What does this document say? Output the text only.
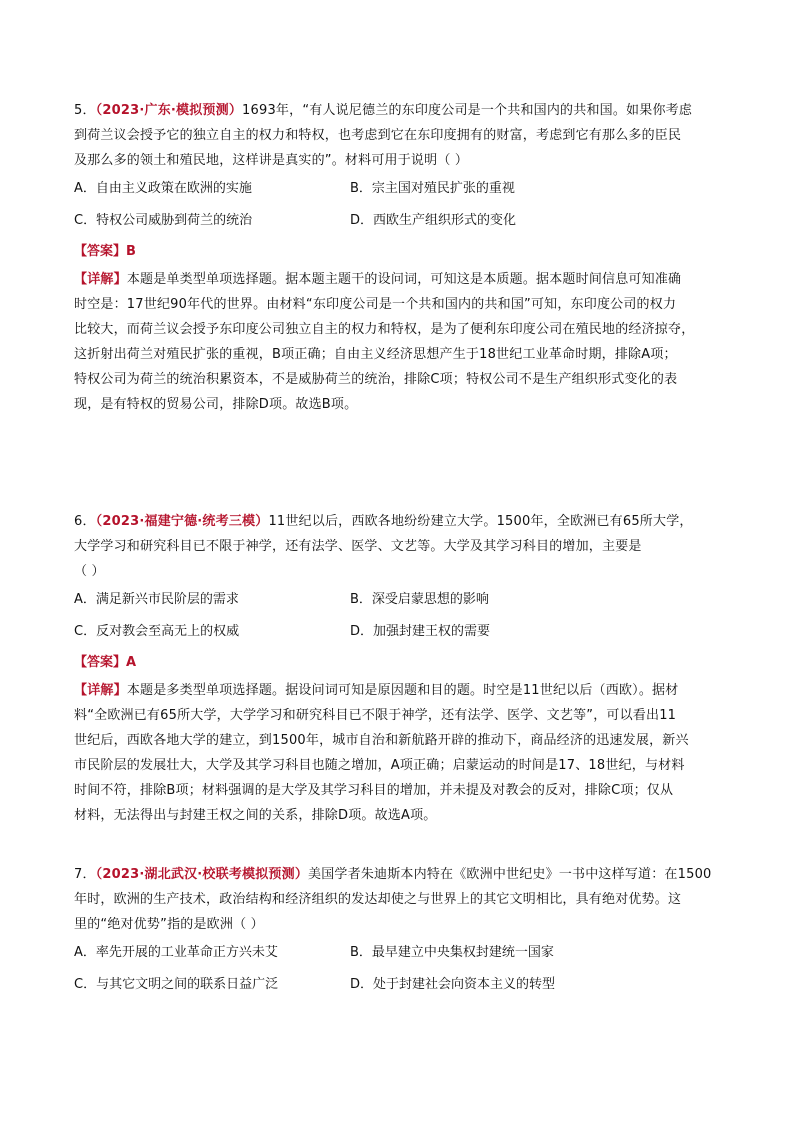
5．（2023·广东·模拟预测）1693年，“有人说尼德兰的东印度公司是一个共和国内的共和国。如果你考虑
到荷兰议会授予它的独立自主的权力和特权，也考虑到它在东印度拥有的财富，考虑到它有那么多的臣民
及那么多的领土和殖民地，这样讲是真实的”。材料可用于说明（ ）
A．自由主义政策在欧洲的实施	B．宗主国对殖民扩张的重视
C．特权公司威胁到荷兰的统治	D．西欧生产组织形式的变化
【答案】B
【详解】本题是单类型单项选择题。据本题主题干的设问词，可知这是本质题。据本题时间信息可知准确
时空是：17世纪90年代的世界。由材料“东印度公司是一个共和国内的共和国”可知，东印度公司的权力
比较大，而荷兰议会授予东印度公司独立自主的权力和特权，是为了便利东印度公司在殖民地的经济掠夺，
这折射出荷兰对殖民扩张的重视，B项正确；自由主义经济思想产生于18世纪工业革命时期，排除A项；
特权公司为荷兰的统治积累资本，不是威胁荷兰的统治，排除C项；特权公司不是生产组织形式变化的表
现，是有特权的贸易公司，排除D项。故选B项。
6．（2023·福建宁德·统考三模）11世纪以后，西欧各地纷纷建立大学。1500年，全欧洲已有65所大学，
大学学习和研究科目已不限于神学，还有法学、医学、文艺等。大学及其学习科目的增加，主要是
（ ）
A．满足新兴市民阶层的需求	B．深受启蒙思想的影响
C．反对教会至高无上的权威	D．加强封建王权的需要
【答案】A
【详解】本题是多类型单项选择题。据设问词可知是原因题和目的题。时空是11世纪以后（西欧）。据材
料“全欧洲已有65所大学，大学学习和研究科目已不限于神学，还有法学、医学、文艺等”，可以看出11
世纪后，西欧各地大学的建立，到1500年，城市自治和新航路开辟的推动下，商品经济的迅速发展，新兴
市民阶层的发展壮大，大学及其学习科目也随之增加，A项正确；启蒙运动的时间是17、18世纪，与材料
时间不符，排除B项；材料强调的是大学及其学习科目的增加，并未提及对教会的反对，排除C项；仅从
材料，无法得出与封建王权之间的关系，排除D项。故选A项。
7．（2023·湖北武汉·校联考模拟预测）美国学者朱迪斯本内特在《欧洲中世纪史》一书中这样写道：在1500
年时，欧洲的生产技术，政治结构和经济组织的发达却使之与世界上的其它文明相比，具有绝对优势。这
里的“绝对优势”指的是欧洲（ ）
A．率先开展的工业革命正方兴未艾	B．最早建立中央集权封建统一国家
C．与其它文明之间的联系日益广泛	D．处于封建社会向资本主义的转型
